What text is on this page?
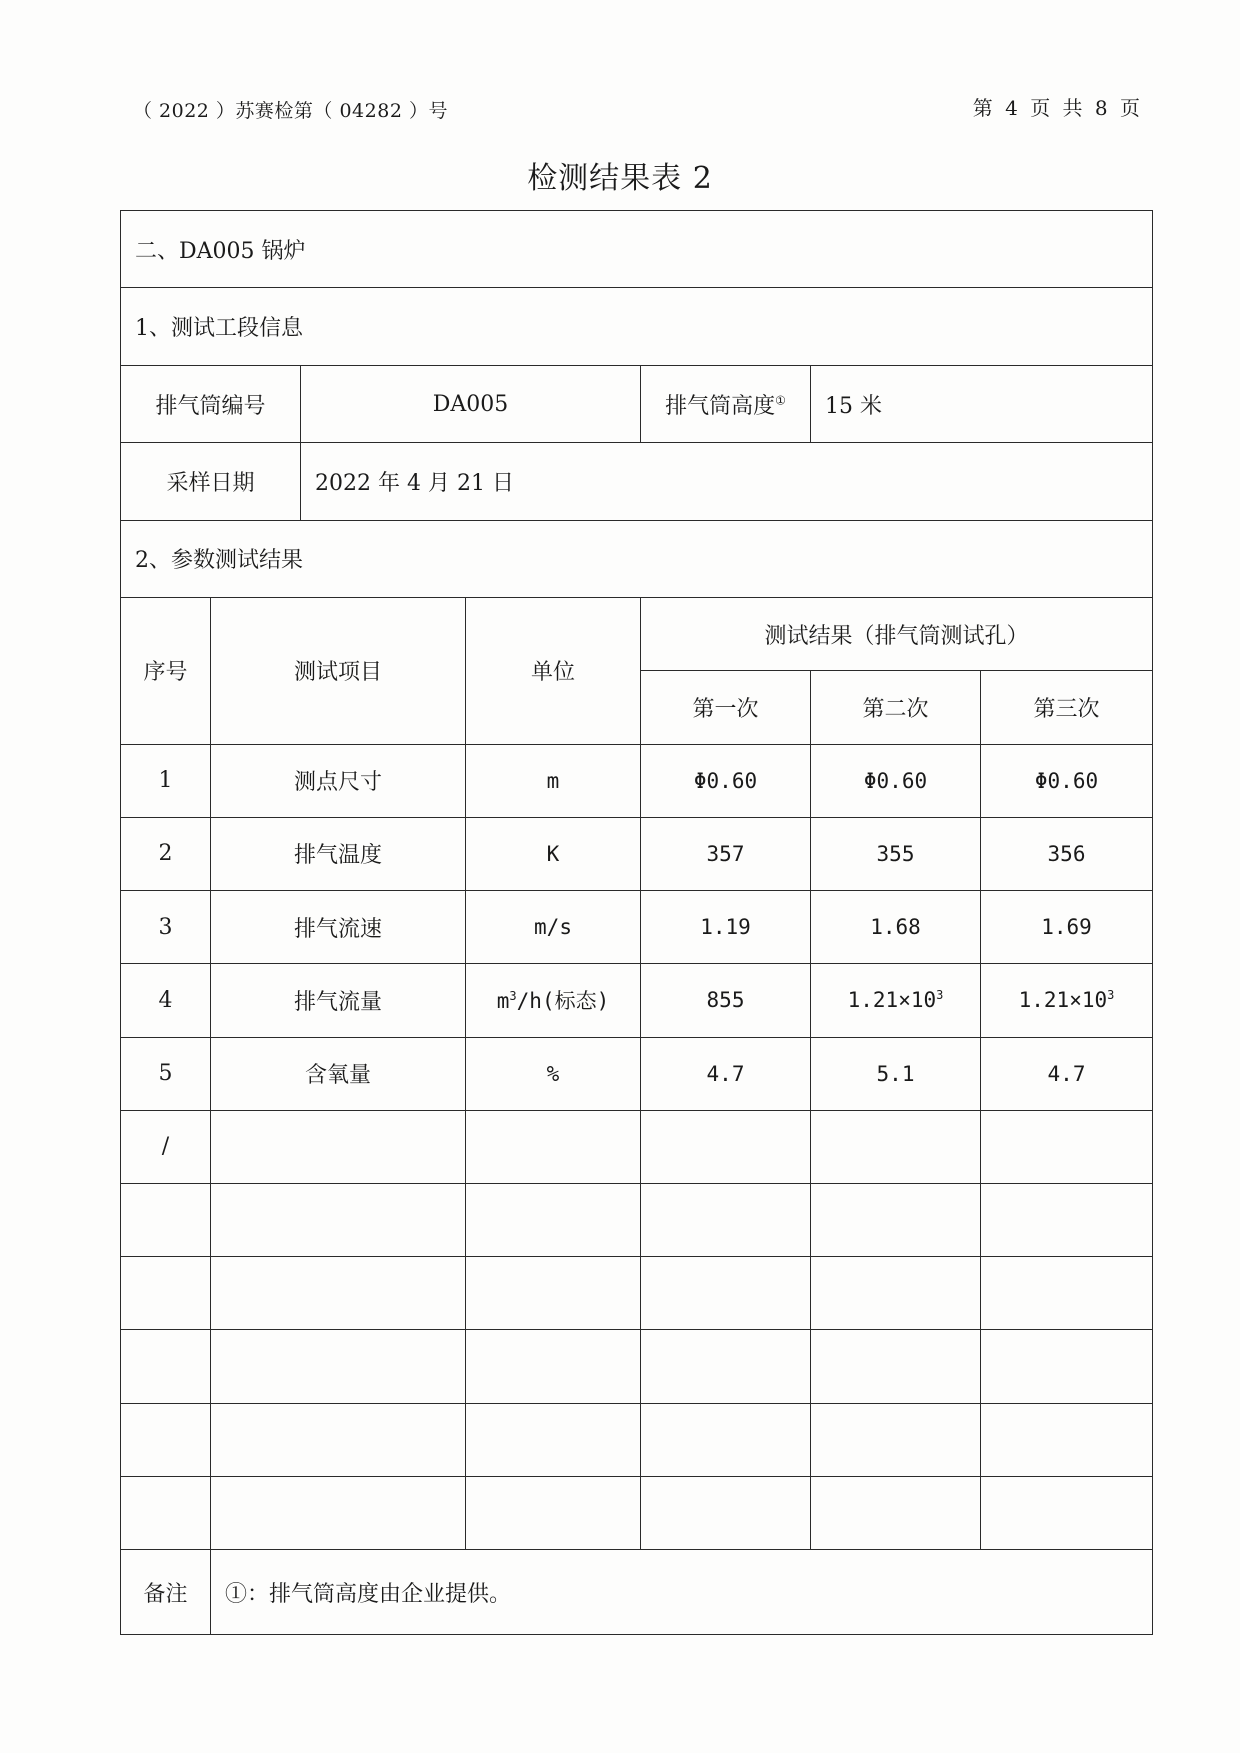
（ 2022 ）苏赛检第（ 04282 ）号	第 4 页 共 8 页
检测结果表 2
二、DA005 锅炉						
1、测试工段信息						
排气筒编号		DA005		排气筒高度①	15 米	
采样日期		2022 年 4 月 21 日				
2、参数测试结果						
序号	测试项目		单位	测试结果（排气筒测试孔）		
				第一次	第二次	第三次
1	测点尺寸		m	Φ0.60	Φ0.60	Φ0.60
2	排气温度		K	357	355	356
3	排气流速		m/s	1.19	1.68	1.69
4	排气流量		$m^3/h$(标态)	855	$1.21\times 10^3$	$1.21\times 10^3$
5	含氧量		%	4.7	5.1	4.7
/						

备注	①：排气筒高度由企业提供。					
